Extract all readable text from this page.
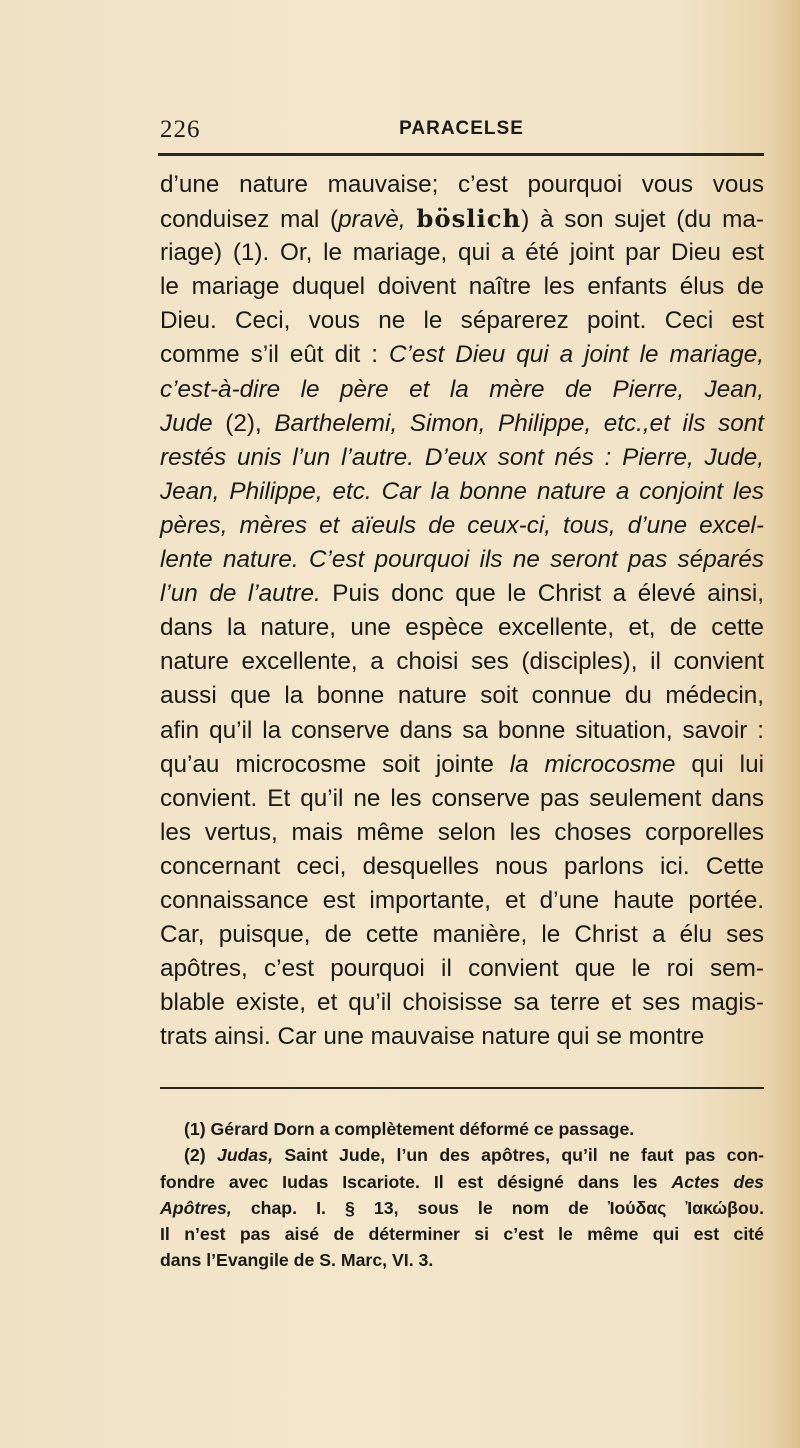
226	PARACELSE
d’une nature mauvaise; c’est pourquoi vous vous
conduisez mal (pravè, böslich) à son sujet (du ma-
riage) (1). Or, le mariage, qui a été joint par Dieu est
le mariage duquel doivent naître les enfants élus de
Dieu. Ceci, vous ne le séparerez point. Ceci est
comme s’il eût dit : C’est Dieu qui a joint le mariage,
c’est-à-dire le père et la mère de Pierre, Jean,
Jude (2), Barthelemi, Simon, Philippe, etc.,et ils sont
restés unis l’un l’autre. D’eux sont nés : Pierre, Jude,
Jean, Philippe, etc. Car la bonne nature a conjoint les
pères, mères et aïeuls de ceux-ci, tous, d’une excel-
lente nature. C’est pourquoi ils ne seront pas séparés
l’un de l’autre. Puis donc que le Christ a élevé ainsi,
dans la nature, une espèce excellente, et, de cette
nature excellente, a choisi ses (disciples), il convient
aussi que la bonne nature soit connue du médecin,
afin qu’il la conserve dans sa bonne situation, savoir :
qu’au microcosme soit jointe la microcosme qui lui
convient. Et qu’il ne les conserve pas seulement dans
les vertus, mais même selon les choses corporelles
concernant ceci, desquelles nous parlons ici. Cette
connaissance est importante, et d’une haute portée.
Car, puisque, de cette manière, le Christ a élu ses
apôtres, c’est pourquoi il convient que le roi sem-
blable existe, et qu’il choisisse sa terre et ses magis-
trats ainsi. Car une mauvaise nature qui se montre
(1) Gérard Dorn a complètement déformé ce passage.
(2) Judas, Saint Jude, l’un des apôtres, qu’il ne faut pas con-
fondre avec Iudas Iscariote. Il est désigné dans les Actes des
Apôtres, chap. I. § 13, sous le nom de Ἰούδας Ἰακώβου.
Il n’est pas aisé de déterminer si c’est le même qui est cité
dans l’Evangile de S. Marc, VI. 3.
